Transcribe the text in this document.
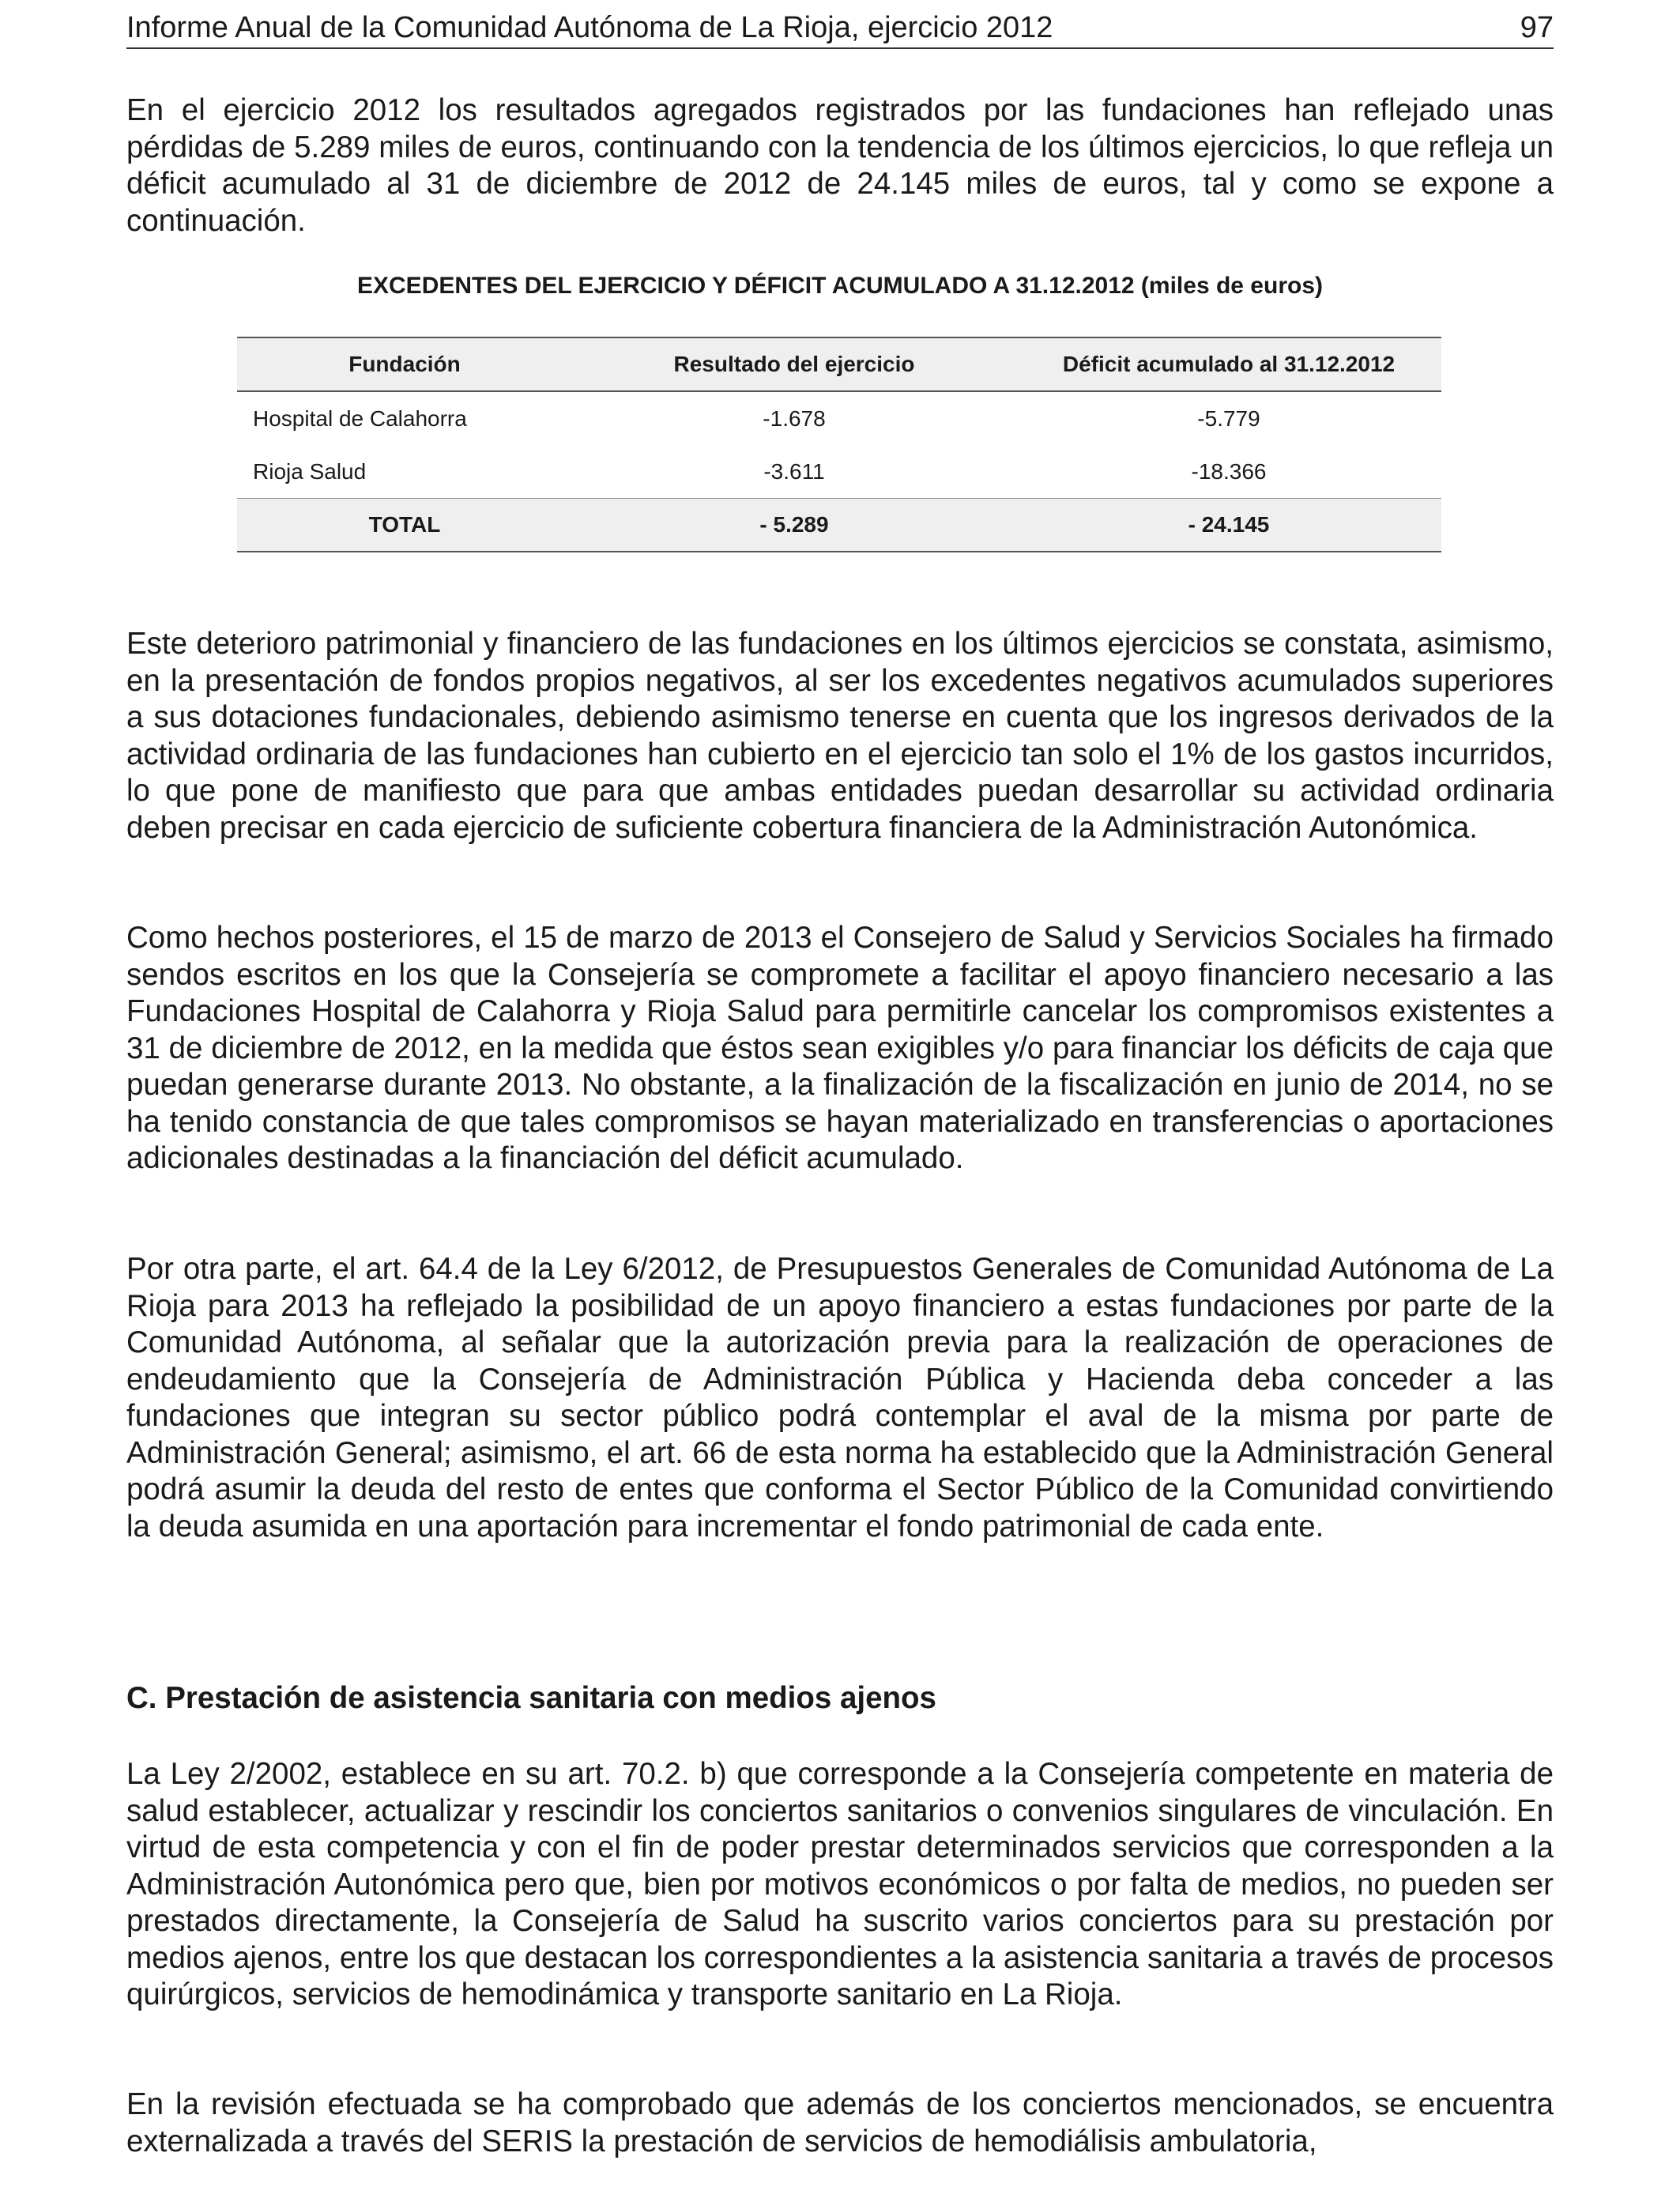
Informe Anual de la Comunidad Autónoma de La Rioja, ejercicio 2012	97

En el ejercicio 2012 los resultados agregados registrados por las fundaciones han reflejado unas pérdidas de 5.289 miles de euros, continuando con la tendencia de los últimos ejercicios, lo que refleja un déficit acumulado al 31 de diciembre de 2012 de 24.145 miles de euros, tal y como se expone a continuación.

EXCEDENTES DEL EJERCICIO Y DÉFICIT ACUMULADO A 31.12.2012 (miles de euros)
Fundación	Resultado del ejercicio	Déficit acumulado al 31.12.2012
Hospital de Calahorra	-1.678	-5.779
Rioja Salud	-3.611	-18.366
TOTAL	- 5.289	- 24.145

Este deterioro patrimonial y financiero de las fundaciones en los últimos ejercicios se constata, asimismo, en la presentación de fondos propios negativos, al ser los excedentes negativos acumulados superiores a sus dotaciones fundacionales, debiendo asimismo tenerse en cuenta que los ingresos derivados de la actividad ordinaria de las fundaciones han cubierto en el ejercicio tan solo el 1% de los gastos incurridos, lo que pone de manifiesto que para que ambas entidades puedan desarrollar su actividad ordinaria deben precisar en cada ejercicio de suficiente cobertura financiera de la Administración Autonómica.

Como hechos posteriores, el 15 de marzo de 2013 el Consejero de Salud y Servicios Sociales ha firmado sendos escritos en los que la Consejería se compromete a facilitar el apoyo financiero necesario a las Fundaciones Hospital de Calahorra y Rioja Salud para permitirle cancelar los compromisos existentes a 31 de diciembre de 2012, en la medida que éstos sean exigibles y/o para financiar los déficits de caja que puedan generarse durante 2013. No obstante, a la finalización de la fiscalización en junio de 2014, no se ha tenido constancia de que tales compromisos se hayan materializado en transferencias o aportaciones adicionales destinadas a la financiación del déficit acumulado.

Por otra parte, el art. 64.4 de la Ley 6/2012, de Presupuestos Generales de Comunidad Autónoma de La Rioja para 2013 ha reflejado la posibilidad de un apoyo financiero a estas fundaciones por parte de la Comunidad Autónoma, al señalar que la autorización previa para la realización de operaciones de endeudamiento que la Consejería de Administración Pública y Hacienda deba conceder a las fundaciones que integran su sector público podrá contemplar el aval de la misma por parte de Administración General; asimismo, el art. 66 de esta norma ha establecido que la Administración General podrá asumir la deuda del resto de entes que conforma el Sector Público de la Comunidad convirtiendo la deuda asumida en una aportación para incrementar el fondo patrimonial de cada ente.

C. Prestación de asistencia sanitaria con medios ajenos

La Ley 2/2002, establece en su art. 70.2. b) que corresponde a la Consejería competente en materia de salud establecer, actualizar y rescindir los conciertos sanitarios o convenios singulares de vinculación. En virtud de esta competencia y con el fin de poder prestar determinados servicios que corresponden a la Administración Autonómica pero que, bien por motivos económicos o por falta de medios, no pueden ser prestados directamente, la Consejería de Salud ha suscrito varios conciertos para su prestación por medios ajenos, entre los que destacan los correspondientes a la asistencia sanitaria a través de procesos quirúrgicos, servicios de hemodinámica y transporte sanitario en La Rioja.

En la revisión efectuada se ha comprobado que además de los conciertos mencionados, se encuentra externalizada a través del SERIS la prestación de servicios de hemodiálisis ambulatoria,
